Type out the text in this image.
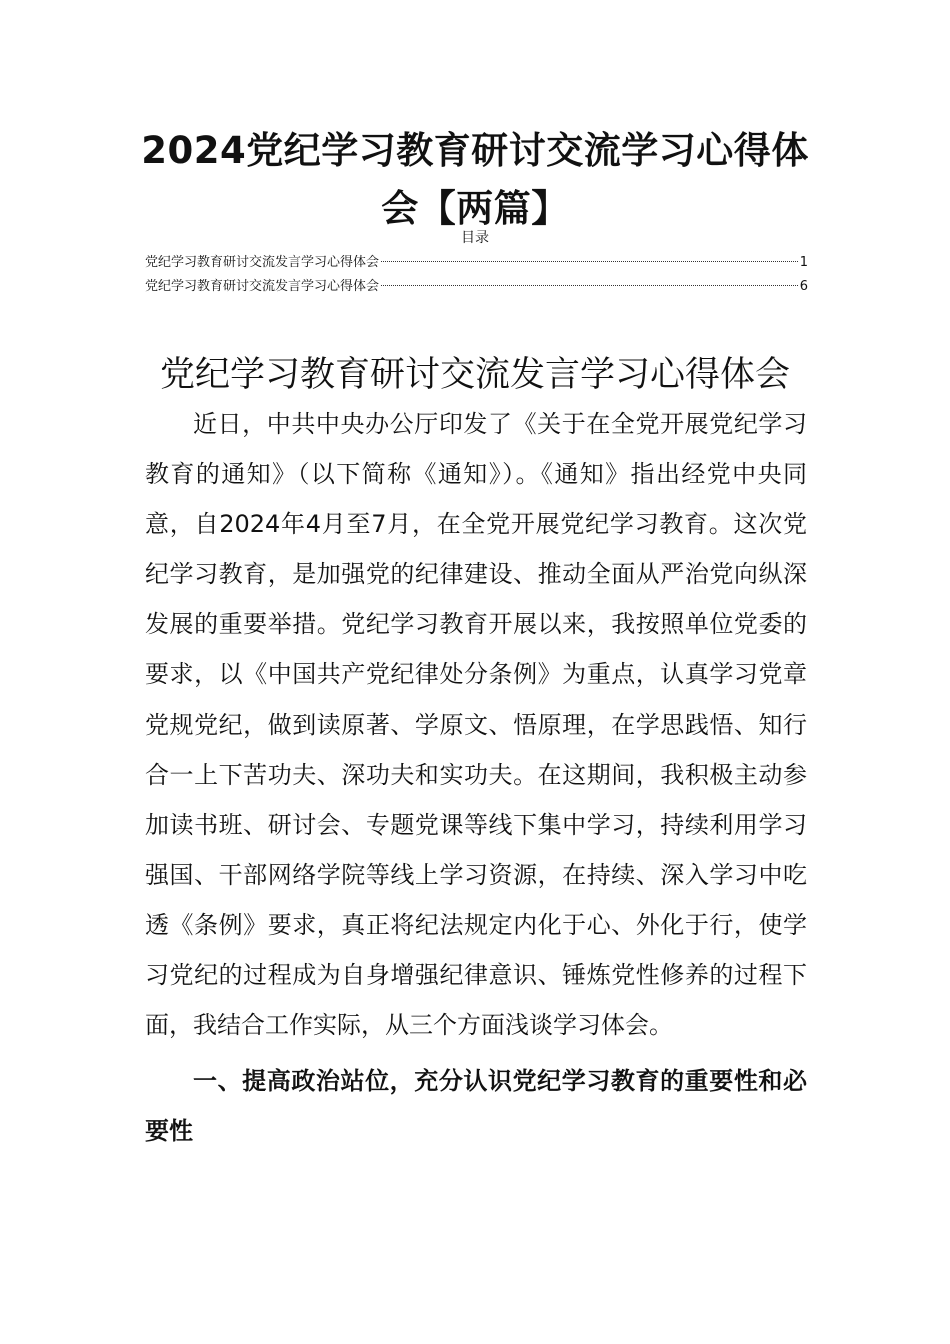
2024党纪学习教育研讨交流学习心得体会【两篇】
目录
党纪学习教育研讨交流发言学习心得体会	1
党纪学习教育研讨交流发言学习心得体会	6
党纪学习教育研讨交流发言学习心得体会

近日，中共中央办公厅印发了《关于在全党开展党纪学习教育的通知》（以下简称《通知》）。《通知》指出经党中央同意，自2024年4月至7月，在全党开展党纪学习教育。这次党纪学习教育，是加强党的纪律建设、推动全面从严治党向纵深发展的重要举措。党纪学习教育开展以来，我按照单位党委的要求，以《中国共产党纪律处分条例》为重点，认真学习党章党规党纪，做到读原著、学原文、悟原理，在学思践悟、知行合一上下苦功夫、深功夫和实功夫。在这期间，我积极主动参加读书班、研讨会、专题党课等线下集中学习，持续利用学习强国、干部网络学院等线上学习资源，在持续、深入学习中吃透《条例》要求，真正将纪法规定内化于心、外化于行，使学习党纪的过程成为自身增强纪律意识、锤炼党性修养的过程下面，我结合工作实际，从三个方面浅谈学习体会。

一、提高政治站位，充分认识党纪学习教育的重要性和必要性
